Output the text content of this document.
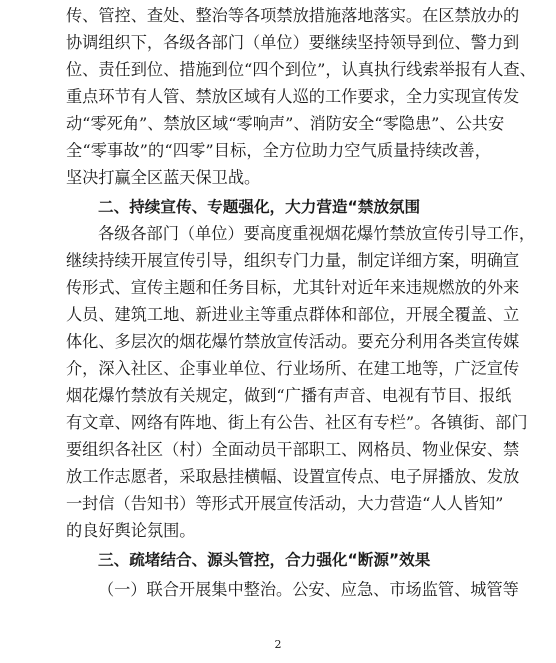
传、管控、查处、整治等各项禁放措施落地落实。在区禁放办的
协调组织下，各级各部门（单位）要继续坚持领导到位、警力到
位、责任到位、措施到位“四个到位”，认真执行线索举报有人查、
重点环节有人管、禁放区域有人巡的工作要求，全力实现宣传发
动“零死角”、禁放区域“零响声”、消防安全“零隐患”、公共安
全“零事故”的“四零”目标，全方位助力空气质量持续改善，
坚决打赢全区蓝天保卫战。
二、持续宣传、专题强化，大力营造“禁放氛围
各级各部门（单位）要高度重视烟花爆竹禁放宣传引导工作，
继续持续开展宣传引导，组织专门力量，制定详细方案，明确宣
传形式、宣传主题和任务目标，尤其针对近年来违规燃放的外来
人员、建筑工地、新进业主等重点群体和部位，开展全覆盖、立
体化、多层次的烟花爆竹禁放宣传活动。要充分利用各类宣传媒
介，深入社区、企事业单位、行业场所、在建工地等，广泛宣传
烟花爆竹禁放有关规定，做到“广播有声音、电视有节目、报纸
有文章、网络有阵地、街上有公告、社区有专栏”。各镇街、部门
要组织各社区（村）全面动员干部职工、网格员、物业保安、禁
放工作志愿者，采取悬挂横幅、设置宣传点、电子屏播放、发放
一封信（告知书）等形式开展宣传活动，大力营造“人人皆知”
的良好舆论氛围。
三、疏堵结合、源头管控，合力强化“断源”效果
（一）联合开展集中整治。公安、应急、市场监管、城管等
2
